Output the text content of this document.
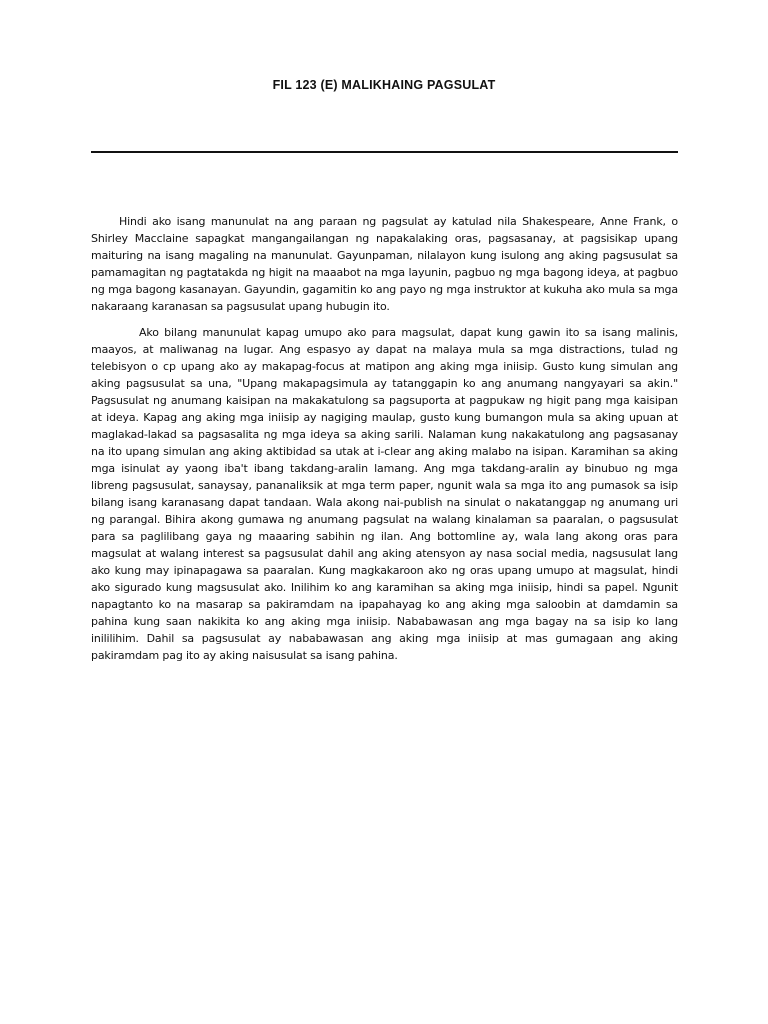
FIL 123 (E) MALIKHAING PAGSULAT

Hindi ako isang manunulat na ang paraan ng pagsulat ay katulad nila Shakespeare, Anne Frank, o Shirley Macclaine sapagkat mangangailangan ng napakalaking oras, pagsasanay, at pagsisikap upang maituring na isang magaling na manunulat. Gayunpaman, nilalayon kung isulong ang aking pagsusulat sa pamamagitan ng pagtatakda ng higit na maaabot na mga layunin, pagbuo ng mga bagong ideya, at pagbuo ng mga bagong kasanayan. Gayundin, gagamitin ko ang payo ng mga instruktor at kukuha ako mula sa mga nakaraang karanasan sa pagsusulat upang hubugin ito.

Ako bilang manunulat kapag umupo ako para magsulat, dapat kung gawin ito sa isang malinis, maayos, at maliwanag na lugar. Ang espasyo ay dapat na malaya mula sa mga distractions, tulad ng telebisyon o cp upang ako ay makapag-focus at matipon ang aking mga iniisip. Gusto kung simulan ang aking pagsusulat sa una, "Upang makapagsimula ay tatanggapin ko ang anumang nangyayari sa akin." Pagsusulat ng anumang kaisipan na makakatulong sa pagsuporta at pagpukaw ng higit pang mga kaisipan at ideya. Kapag ang aking mga iniisip ay nagiging maulap, gusto kung bumangon mula sa aking upuan at maglakad-lakad sa pagsasalita ng mga ideya sa aking sarili. Nalaman kung nakakatulong ang pagsasanay na ito upang simulan ang aking aktibidad sa utak at i-clear ang aking malabo na isipan. Karamihan sa aking mga isinulat ay yaong iba't ibang takdang-aralin lamang. Ang mga takdang-aralin ay binubuo ng mga libreng pagsusulat, sanaysay, pananaliksik at mga term paper, ngunit wala sa mga ito ang pumasok sa isip bilang isang karanasang dapat tandaan. Wala akong nai-publish na sinulat o nakatanggap ng anumang uri ng parangal. Bihira akong gumawa ng anumang pagsulat na walang kinalaman sa paaralan, o pagsusulat para sa paglilibang gaya ng maaaring sabihin ng ilan. Ang bottomline ay, wala lang akong oras para magsulat at walang interest sa pagsusulat dahil ang aking atensyon ay nasa social media, nagsusulat lang ako kung may ipinapagawa sa paaralan. Kung magkakaroon ako ng oras upang umupo at magsulat, hindi ako sigurado kung magsusulat ako. Inilihim ko ang karamihan sa aking mga iniisip, hindi sa papel. Ngunit napagtanto ko na masarap sa pakiramdam na ipapahayag ko ang aking mga saloobin at damdamin sa pahina kung saan nakikita ko ang aking mga iniisip. Nababawasan ang mga bagay na sa isip ko lang inililihim. Dahil sa pagsusulat ay nababawasan ang aking mga iniisip at mas gumagaan ang aking pakiramdam pag ito ay aking naisusulat sa isang pahina.
